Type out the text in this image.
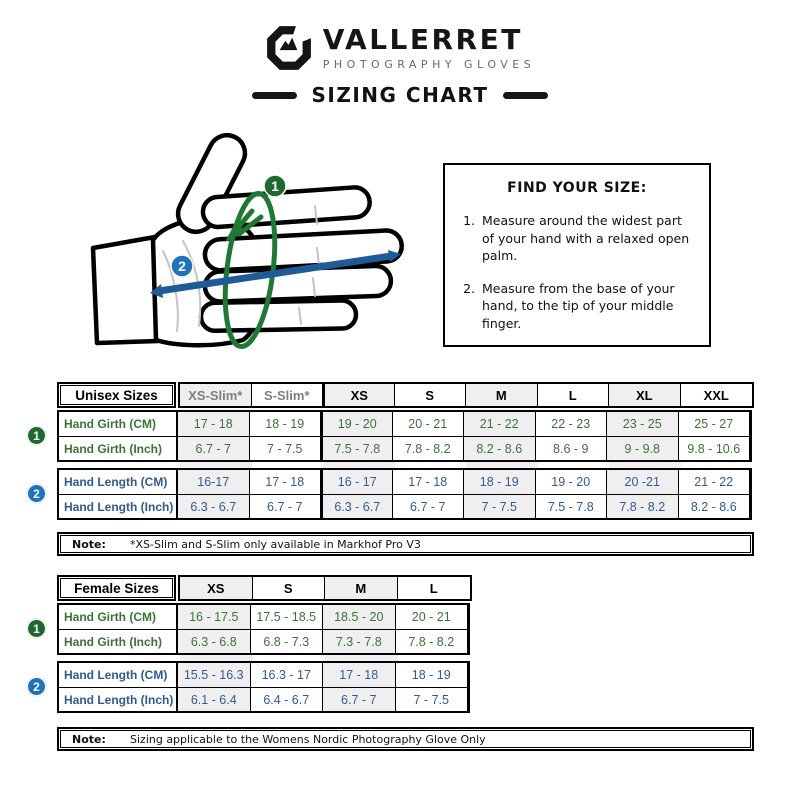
VALLERRET
PHOTOGRAPHY GLOVES
SIZING CHART
1
2
FIND YOUR SIZE:
1. Measure around the widest part of your hand with a relaxed open palm.
2. Measure from the base of your hand, to the tip of your middle finger.
1
2
Unisex Sizes	XS-Slim*	S-Slim*	XS	S	M	L	XL	XXL
Hand Girth (CM)	17 - 18	18 - 19	19 - 20	20 - 21	21 - 22	22 - 23	23 - 25	25 - 27
Hand Girth (Inch)	6.7 - 7	7 - 7.5	7.5 - 7.8	7.8 - 8.2	8.2 - 8.6	8.6 - 9	9 - 9.8	9.8 - 10.6
Hand Length (CM)	16-17	17 - 18	16 - 17	17 - 18	18 - 19	19 - 20	20 -21	21 - 22
Hand Length (Inch)	6.3 - 6.7	6.7 - 7	6.3 - 6.7	6.7 - 7	7 - 7.5	7.5 - 7.8	7.8 - 8.2	8.2 - 8.6
Note:	*XS-Slim and S-Slim only available in Markhof Pro V3
1
2
Female Sizes	XS	S	M	L
Hand Girth (CM)	16 - 17.5	17.5 - 18.5	18.5 - 20	20 - 21
Hand Girth (Inch)	6.3 - 6.8	6.8 - 7.3	7.3 - 7.8	7.8 - 8.2
Hand Length (CM)	15.5 - 16.3	16.3 - 17	17 - 18	18 - 19
Hand Length (Inch)	6.1 - 6.4	6.4 - 6.7	6.7 - 7	7 - 7.5
Note:	Sizing applicable to the Womens Nordic Photography Glove Only
